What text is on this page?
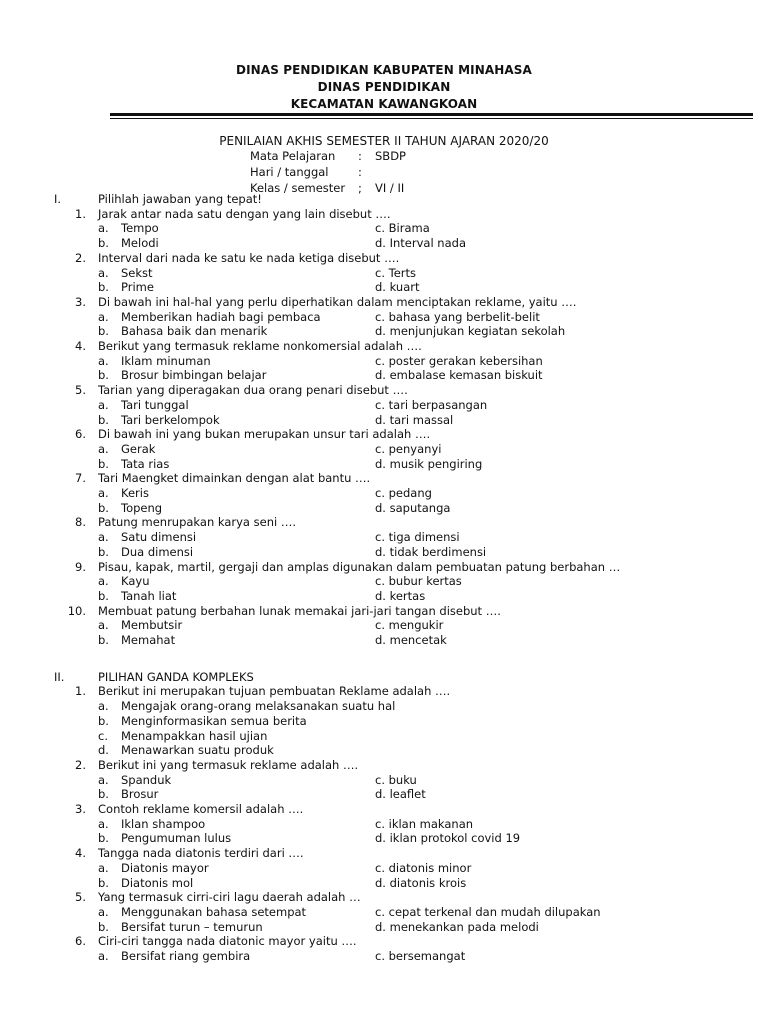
DINAS PENDIDIKAN KABUPATEN MINAHASA
DINAS PENDIDIKAN
KECAMATAN KAWANGKOAN
PENILAIAN AKHIS SEMESTER II TAHUN AJARAN 2020/20
Mata Pelajaran : SBDP
Hari / tanggal	:
Kelas / semester ; VI / II
I.	Pilihlah jawaban yang tepat!
1. Jarak antar nada satu dengan yang lain disebut ….
a. Tempo	c. Birama
b. Melodi	d. Interval nada
2. Interval dari nada ke satu ke nada ketiga disebut ….
a. Sekst	c. Terts
b. Prime	d. kuart
3. Di bawah ini hal-hal yang perlu diperhatikan dalam menciptakan reklame, yaitu ….
a. Memberikan hadiah bagi pembaca	c. bahasa yang berbelit-belit
b. Bahasa baik dan menarik	d. menjunjukan kegiatan sekolah
4. Berikut yang termasuk reklame nonkomersial adalah ….
a. Iklam minuman	c. poster gerakan kebersihan
b. Brosur bimbingan belajar	d. embalase kemasan biskuit
5. Tarian yang diperagakan dua orang penari disebut ….
a. Tari tunggal	c. tari berpasangan
b. Tari berkelompok	d. tari massal
6. Di bawah ini yang bukan merupakan unsur tari adalah ….
a. Gerak	c. penyanyi
b. Tata rias	d. musik pengiring
7. Tari Maengket dimainkan dengan alat bantu ….
a. Keris	c. pedang
b. Topeng	d. saputanga
8. Patung menrupakan karya seni ….
a. Satu dimensi	c. tiga dimensi
b. Dua dimensi	d. tidak berdimensi
9. Pisau, kapak, martil, gergaji dan amplas digunakan dalam pembuatan patung berbahan …
a. Kayu	c. bubur kertas
b. Tanah liat	d. kertas
10. Membuat patung berbahan lunak memakai jari-jari tangan disebut ….
a. Membutsir	c. mengukir
b. Memahat	d. mencetak
II.	PILIHAN GANDA KOMPLEKS
1. Berikut ini merupakan tujuan pembuatan Reklame adalah ….
a. Mengajak orang-orang melaksanakan suatu hal
b. Menginformasikan semua berita
c. Menampakkan hasil ujian
d. Menawarkan suatu produk
2. Berikut ini yang termasuk reklame adalah ….
a. Spanduk	c. buku
b. Brosur	d. leaflet
3. Contoh reklame komersil adalah ….
a. Iklan shampoo	c. iklan makanan
b. Pengumuman lulus	d. iklan protokol covid 19
4. Tangga nada diatonis terdiri dari ….
a. Diatonis mayor	c. diatonis minor
b. Diatonis mol	d. diatonis krois
5. Yang termasuk cirri-ciri lagu daerah adalah …
a. Menggunakan bahasa setempat	c. cepat terkenal dan mudah dilupakan
b. Bersifat turun – temurun	d. menekankan pada melodi
6. Ciri-ciri tangga nada diatonic mayor yaitu ….
a. Bersifat riang gembira	c. bersemangat
